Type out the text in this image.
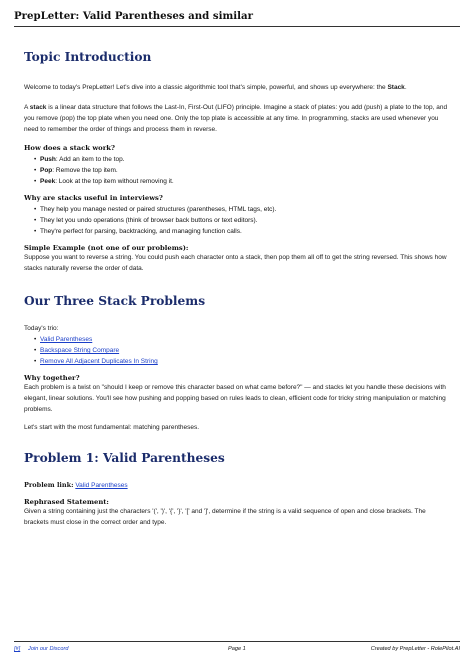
PrepLetter: Valid Parentheses and similar
Topic Introduction

Welcome to today's PrepLetter! Let's dive into a classic algorithmic tool that's simple, powerful, and shows up everywhere: the Stack.

A stack is a linear data structure that follows the Last-In, First-Out (LIFO) principle. Imagine a stack of plates: you add (push) a plate to the top, and you remove (pop) the top plate when you need one. Only the top plate is accessible at any time. In programming, stacks are used whenever you need to remember the order of things and process them in reverse.

How does a stack work?

• Push: Add an item to the top.
• Pop: Remove the top item.
• Peek: Look at the top item without removing it.

Why are stacks useful in interviews?

• They help you manage nested or paired structures (parentheses, HTML tags, etc).
• They let you undo operations (think of browser back buttons or text editors).
• They're perfect for parsing, backtracking, and managing function calls.

Simple Example (not one of our problems):

Suppose you want to reverse a string. You could push each character onto a stack, then pop them all off to get the string reversed. This shows how stacks naturally reverse the order of data.

Our Three Stack Problems

Today's trio:

• Valid Parentheses
• Backspace String Compare
• Remove All Adjacent Duplicates In String

Why together?

Each problem is a twist on "should I keep or remove this character based on what came before?" — and stacks let you handle these decisions with elegant, linear solutions. You'll see how pushing and popping based on rules leads to clean, efficient code for tricky string manipulation or matching problems.

Let's start with the most fundamental: matching parentheses.

Problem 1: Valid Parentheses

Problem link: Valid Parentheses

Rephrased Statement:

Given a string containing just the characters '(', ')', '{', '}', '[' and ']', determine if the string is a valid sequence of open and close brackets. The brackets must close in the correct order and type.

[#] Join our Discord	Page 1	Created by PrepLetter - RolePilot.AI
